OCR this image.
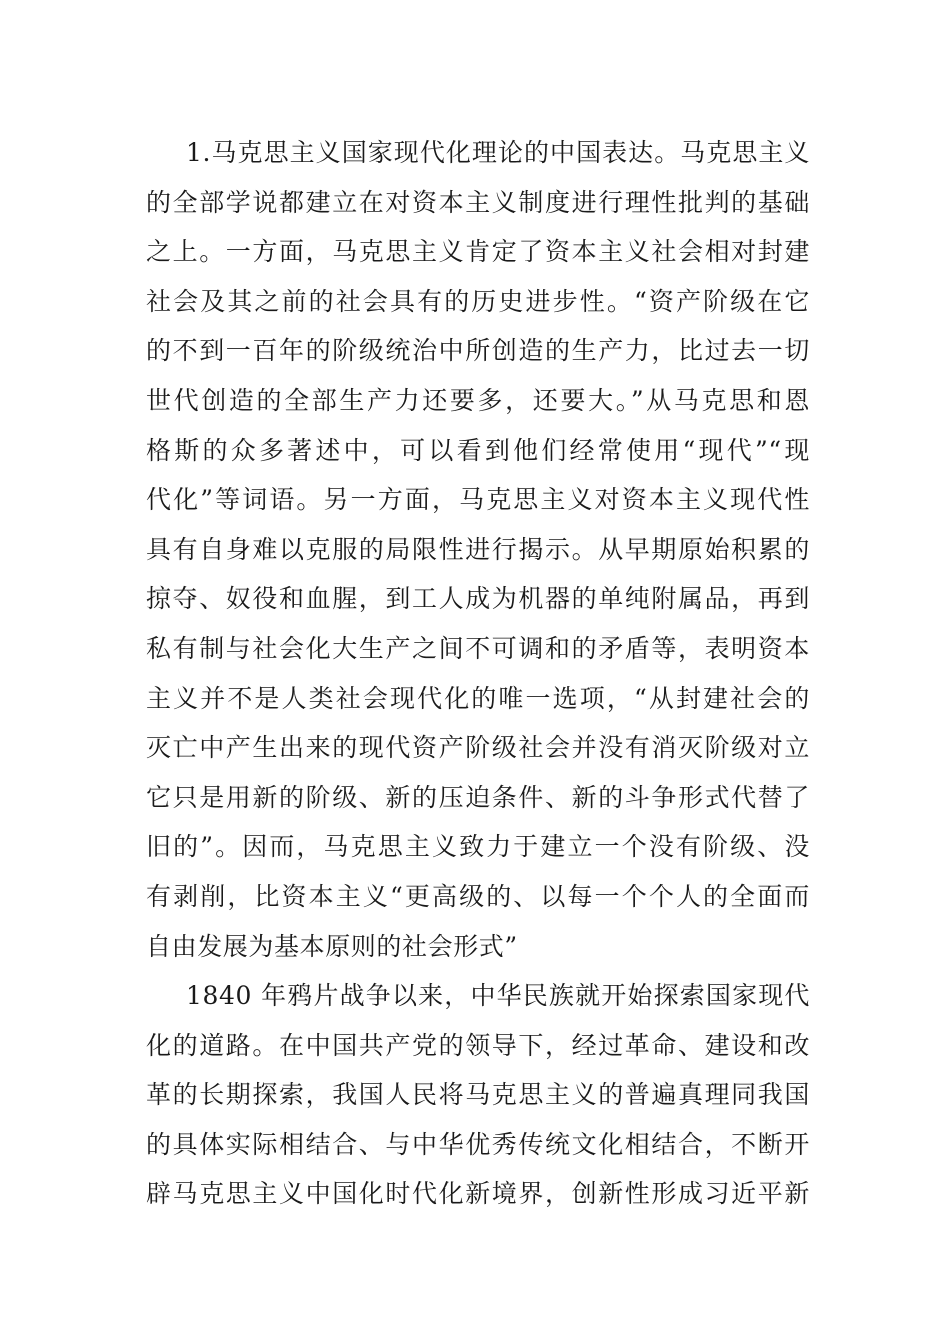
1.马克思主义国家现代化理论的中国表达。马克思主义
的全部学说都建立在对资本主义制度进行理性批判的基础
之上。一方面，马克思主义肯定了资本主义社会相对封建
社会及其之前的社会具有的历史进步性。“资产阶级在它
的不到一百年的阶级统治中所创造的生产力，比过去一切
世代创造的全部生产力还要多，还要大。”从马克思和恩
格斯的众多著述中，可以看到他们经常使用“现代”“现
代化”等词语。另一方面，马克思主义对资本主义现代性
具有自身难以克服的局限性进行揭示。从早期原始积累的
掠夺、奴役和血腥，到工人成为机器的单纯附属品，再到
私有制与社会化大生产之间不可调和的矛盾等，表明资本
主义并不是人类社会现代化的唯一选项，“从封建社会的
灭亡中产生出来的现代资产阶级社会并没有消灭阶级对立
它只是用新的阶级、新的压迫条件、新的斗争形式代替了
旧的”。因而，马克思主义致力于建立一个没有阶级、没
有剥削，比资本主义“更高级的、以每一个个人的全面而
自由发展为基本原则的社会形式”
1840 年鸦片战争以来，中华民族就开始探索国家现代
化的道路。在中国共产党的领导下，经过革命、建设和改
革的长期探索，我国人民将马克思主义的普遍真理同我国
的具体实际相结合、与中华优秀传统文化相结合，不断开
辟马克思主义中国化时代化新境界，创新性形成习近平新
